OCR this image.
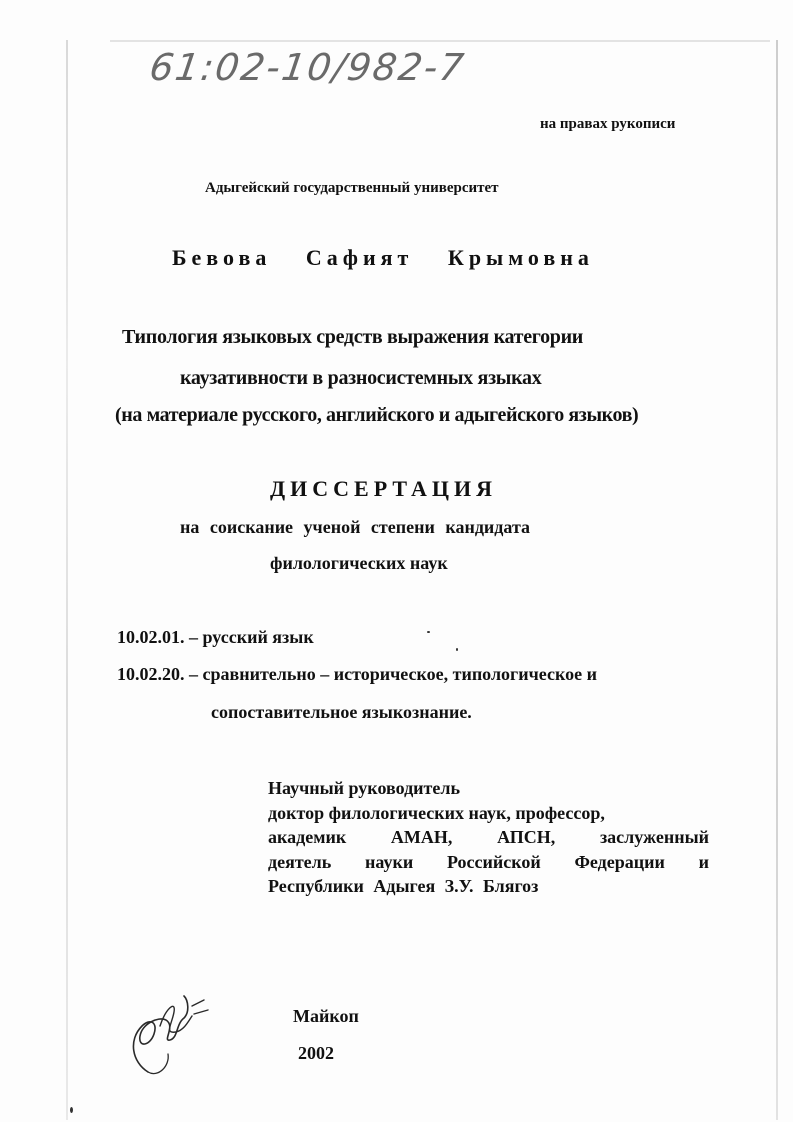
61:02-10/982-7
на правах рукописи
Адыгейский государственный университет
Бевова Сафият Крымовна
Типология языковых средств выражения категории
каузативности в разносистемных языках
(на материале русского, английского и адыгейского языков)
ДИССЕРТАЦИЯ
на соискание ученой степени кандидата
филологических наук
10.02.01. – русский язык
10.02.20. – сравнительно – историческое, типологическое и
сопоставительное языкознание.
Научный руководитель
доктор филологических наук, профессор,
академик АМАН, АПСН, заслуженный
деятель науки Российской Федерации и
Республики Адыгея З.У. Блягоз
Майкоп
2002
